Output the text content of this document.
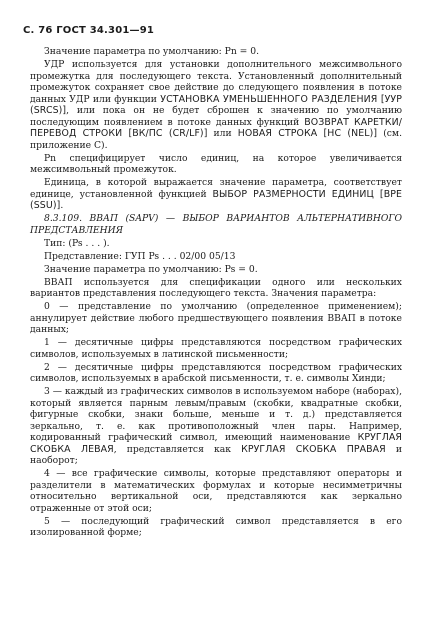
С. 76 ГОСТ 34.301—91

Значение параметра по умолчанию: Pn = 0.

УДР используется для установки дополнительного межсимвольного промежутка для последующего текста. Установленный дополнительный промежуток сохраняет свое действие до следующего появления в потоке данных УДР или функции УСТАНОВКА УМЕНЬШЕННОГО РАЗДЕЛЕНИЯ [УУР (SRCS)], или пока он не будет сброшен к значению по умолчанию последующим появлением в потоке данных функций ВОЗВРАТ КАРЕТКИ/ПЕРЕВОД СТРОКИ [ВК/ПС (CR/LF)] или НОВАЯ СТРОКА [НС (NEL)] (см. приложение С).

Pn специфицирует число единиц, на которое увеличивается межсимвольный промежуток.

Единица, в которой выражается значение параметра, соответствует единице, установленной функцией ВЫБОР РАЗМЕРНОСТИ ЕДИНИЦ [ВРЕ (SSU)].

8.3.109. ВВАП (SAPV) — ВЫБОР ВАРИАНТОВ АЛЬТЕРНАТИВНОГО ПРЕДСТАВЛЕНИЯ

Тип: (Ps . . . ).

Представление: ГУП Ps . . . 02/00 05/13

Значение параметра по умолчанию: Ps = 0.

ВВАП используется для спецификации одного или нескольких вариантов представления последующего текста. Значения параметра:

0 — представление по умолчанию (определенное применением); аннулирует действие любого предшествующего появления ВВАП в потоке данных;

1 — десятичные цифры представляются посредством графических символов, используемых в латинской письменности;

2 — десятичные цифры представляются посредством графических символов, используемых в арабской письменности, т. е. символы Хинди;

3 — каждый из графических символов в используемом наборе (наборах), который является парным левым/правым (скобки, квадратные скобки, фигурные скобки, знаки больше, меньше и т. д.) представляется зеркально, т. е. как противоположный член пары. Например, кодированный графический символ, имеющий наименование КРУГЛАЯ СКОБКА ЛЕВАЯ, представляется как КРУГЛАЯ СКОБКА ПРАВАЯ и наоборот;

4 — все графические символы, которые представляют операторы и разделители в математических формулах и которые несимметричны относительно вертикальной оси, представляются как зеркально отраженные от этой оси;

5 — последующий графический символ представляется в его изолированной форме;
